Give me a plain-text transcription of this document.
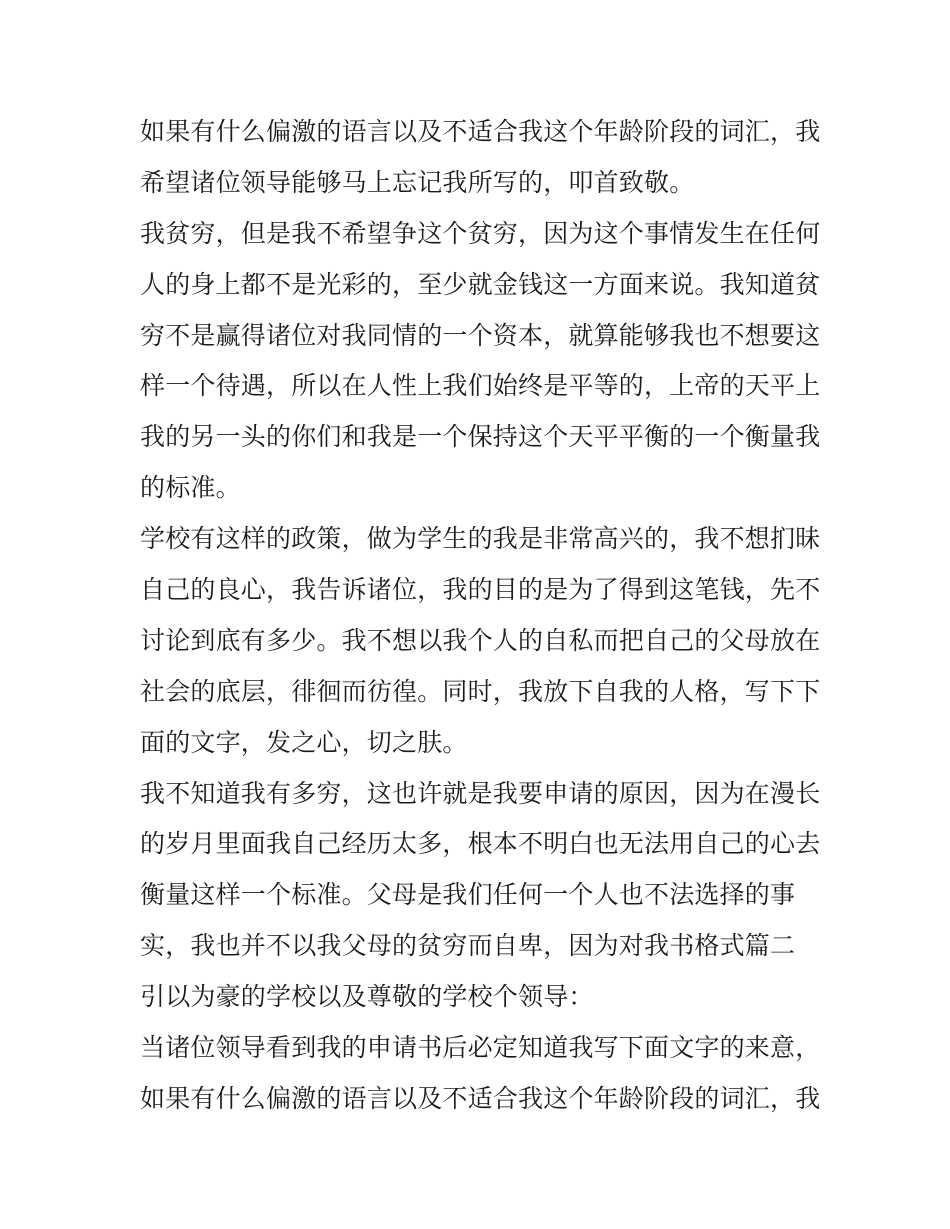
如果有什么偏激的语言以及不适合我这个年龄阶段的词汇，我
希望诸位领导能够马上忘记我所写的，叩首致敬。
我贫穷，但是我不希望争这个贫穷，因为这个事情发生在任何
人的身上都不是光彩的，至少就金钱这一方面来说。我知道贫
穷不是赢得诸位对我同情的一个资本，就算能够我也不想要这
样一个待遇，所以在人性上我们始终是平等的，上帝的天平上
我的另一头的你们和我是一个保持这个天平平衡的一个衡量我
的标准。
学校有这样的政策，做为学生的我是非常高兴的，我不想扪昧
自己的良心，我告诉诸位，我的目的是为了得到这笔钱，先不
讨论到底有多少。我不想以我个人的自私而把自己的父母放在
社会的底层，徘徊而彷徨。同时，我放下自我的人格，写下下
面的文字，发之心，切之肤。
我不知道我有多穷，这也许就是我要申请的原因，因为在漫长
的岁月里面我自己经历太多，根本不明白也无法用自己的心去
衡量这样一个标准。父母是我们任何一个人也不法选择的事
实，我也并不以我父母的贫穷而自卑，因为对我书格式篇二
引以为豪的学校以及尊敬的学校个领导：
当诸位领导看到我的申请书后必定知道我写下面文字的来意，
如果有什么偏激的语言以及不适合我这个年龄阶段的词汇，我
